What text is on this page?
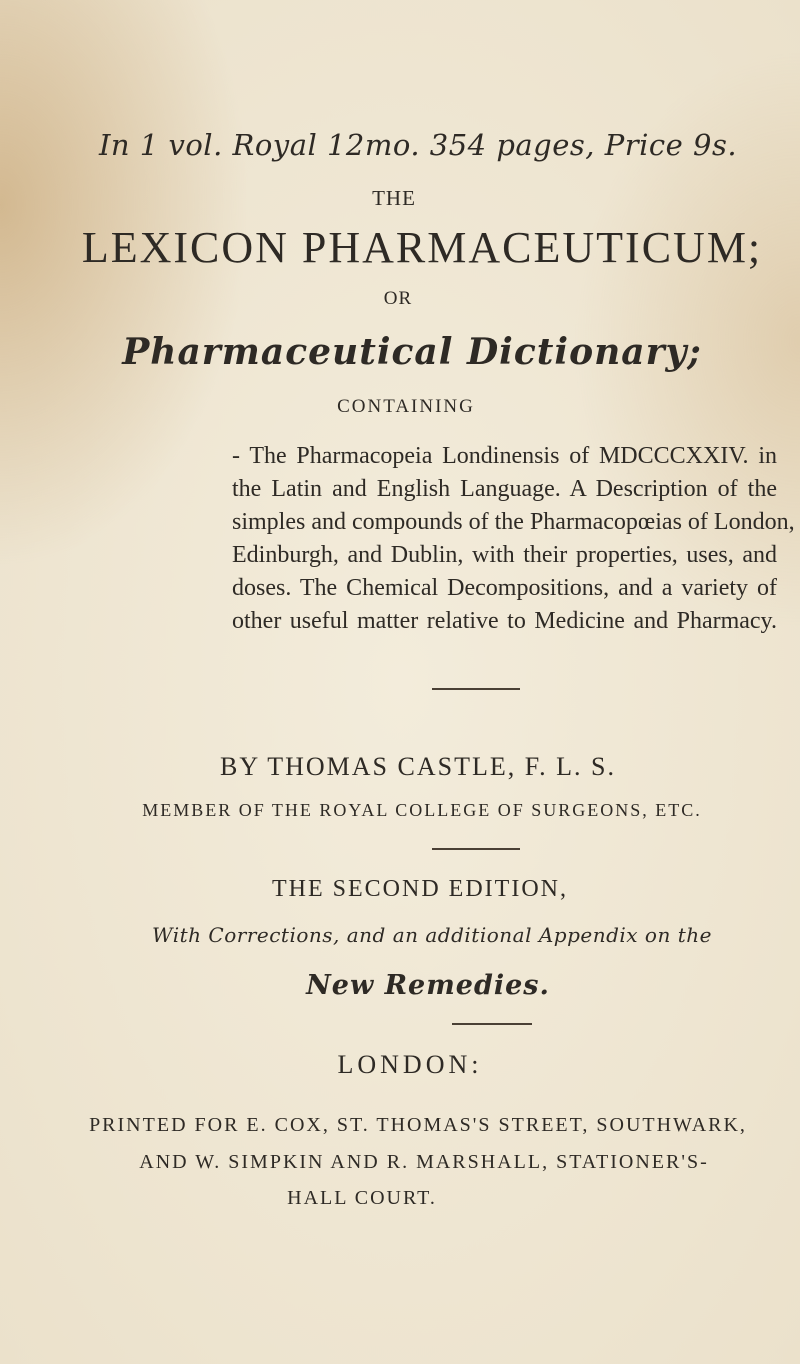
In 1 vol. Royal 12mo. 354 pages, Price 9s.

THE

LEXICON PHARMACEUTICUM;

OR

Pharmaceutical Dictionary;

CONTAINING

- The Pharmacopeia Londinensis of MDCCCXXIV. in
the Latin and English Language. A Description of the
simples and compounds of the Pharmacopœias of London,
Edinburgh, and Dublin, with their properties, uses, and
doses. The Chemical Decompositions, and a variety of
other useful matter relative to Medicine and Pharmacy.

BY THOMAS CASTLE, F. L. S.

MEMBER OF THE ROYAL COLLEGE OF SURGEONS, ETC.

THE SECOND EDITION,

With Corrections, and an additional Appendix on the

New Remedies.

LONDON:

PRINTED FOR E. COX, ST. THOMAS'S STREET, SOUTHWARK,

AND W. SIMPKIN AND R. MARSHALL, STATIONER'S-

HALL COURT.
